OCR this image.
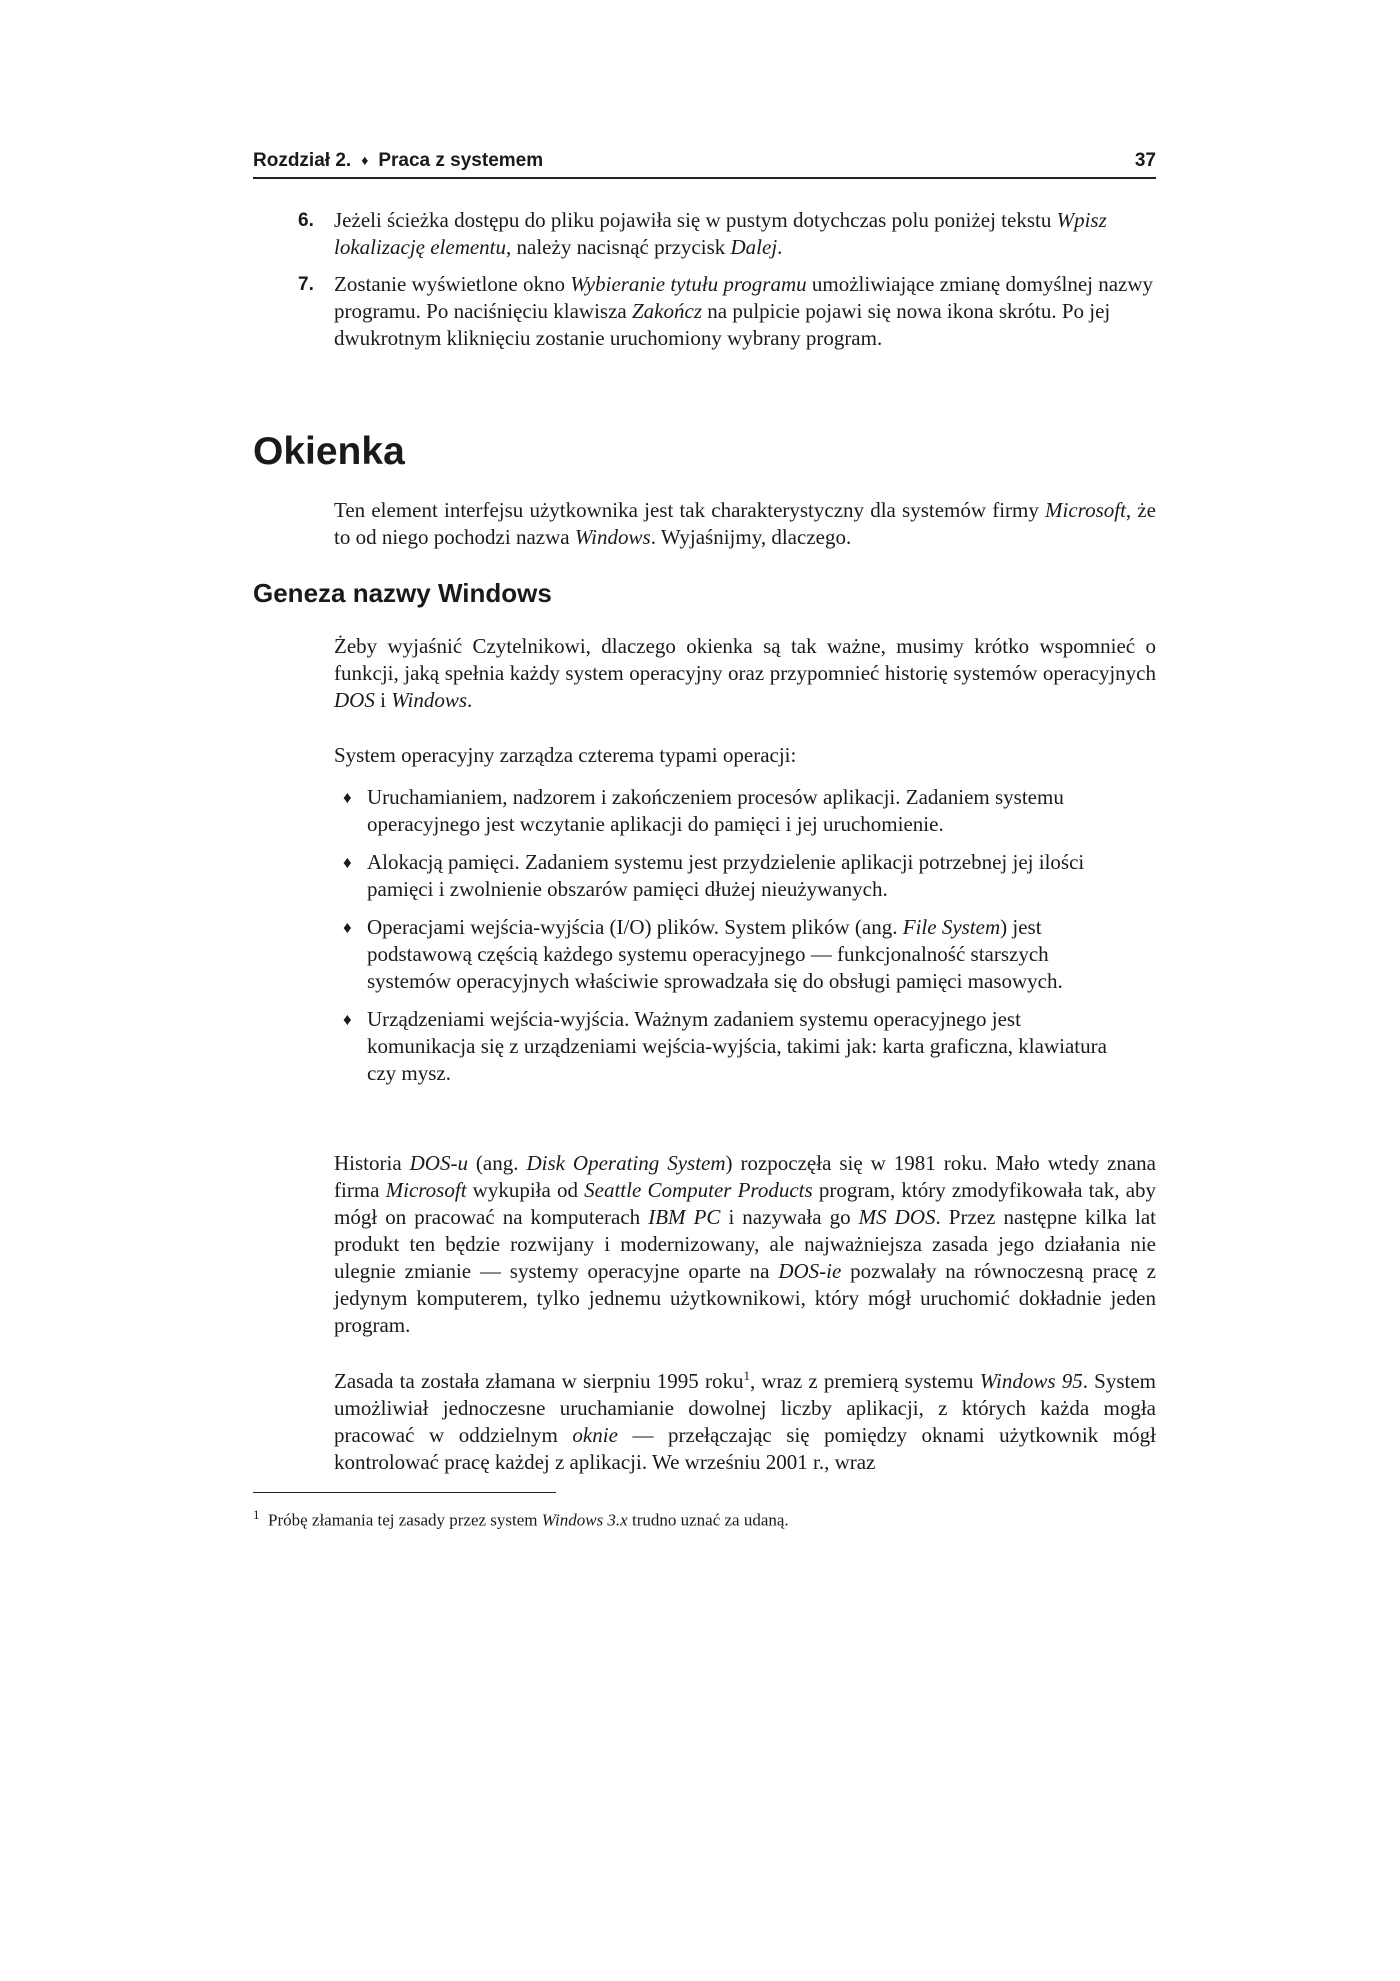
Rozdział 2. ♦ Praca z systemem	37
6. Jeżeli ścieżka dostępu do pliku pojawiła się w pustym dotychczas polu poniżej tekstu Wpisz lokalizację elementu, należy nacisnąć przycisk Dalej.

7. Zostanie wyświetlone okno Wybieranie tytułu programu umożliwiające zmianę domyślnej nazwy programu. Po naciśnięciu klawisza Zakończ na pulpicie pojawi się nowa ikona skrótu. Po jej dwukrotnym kliknięciu zostanie uruchomiony wybrany program.

Okienka

Ten element interfejsu użytkownika jest tak charakterystyczny dla systemów firmy Microsoft, że to od niego pochodzi nazwa Windows. Wyjaśnijmy, dlaczego.

Geneza nazwy Windows

Żeby wyjaśnić Czytelnikowi, dlaczego okienka są tak ważne, musimy krótko wspomnieć o funkcji, jaką spełnia każdy system operacyjny oraz przypomnieć historię systemów operacyjnych DOS i Windows.

System operacyjny zarządza czterema typami operacji:

♦ Uruchamianiem, nadzorem i zakończeniem procesów aplikacji. Zadaniem systemu operacyjnego jest wczytanie aplikacji do pamięci i jej uruchomienie.

♦ Alokacją pamięci. Zadaniem systemu jest przydzielenie aplikacji potrzebnej jej ilości pamięci i zwolnienie obszarów pamięci dłużej nieużywanych.

♦ Operacjami wejścia-wyjścia (I/O) plików. System plików (ang. File System) jest podstawową częścią każdego systemu operacyjnego — funkcjonalność starszych systemów operacyjnych właściwie sprowadzała się do obsługi pamięci masowych.

♦ Urządzeniami wejścia-wyjścia. Ważnym zadaniem systemu operacyjnego jest komunikacja się z urządzeniami wejścia-wyjścia, takimi jak: karta graficzna, klawiatura czy mysz.

Historia DOS-u (ang. Disk Operating System) rozpoczęła się w 1981 roku. Mało wtedy znana firma Microsoft wykupiła od Seattle Computer Products program, który zmodyfikowała tak, aby mógł on pracować na komputerach IBM PC i nazywała go MS DOS. Przez następne kilka lat produkt ten będzie rozwijany i modernizowany, ale najważniejsza zasada jego działania nie ulegnie zmianie — systemy operacyjne oparte na DOS-ie pozwalały na równoczesną pracę z jedynym komputerem, tylko jednemu użytkownikowi, który mógł uruchomić dokładnie jeden program.

Zasada ta została złamana w sierpniu 1995 roku$^1$, wraz z premierą systemu Windows 95. System umożliwiał jednoczesne uruchamianie dowolnej liczby aplikacji, z których każda mogła pracować w oddzielnym oknie — przełączając się pomiędzy oknami użytkownik mógł kontrolować pracę każdej z aplikacji. We wrześniu 2001 r., wraz

$^1$ Próbę złamania tej zasady przez system Windows 3.x trudno uznać za udaną.
